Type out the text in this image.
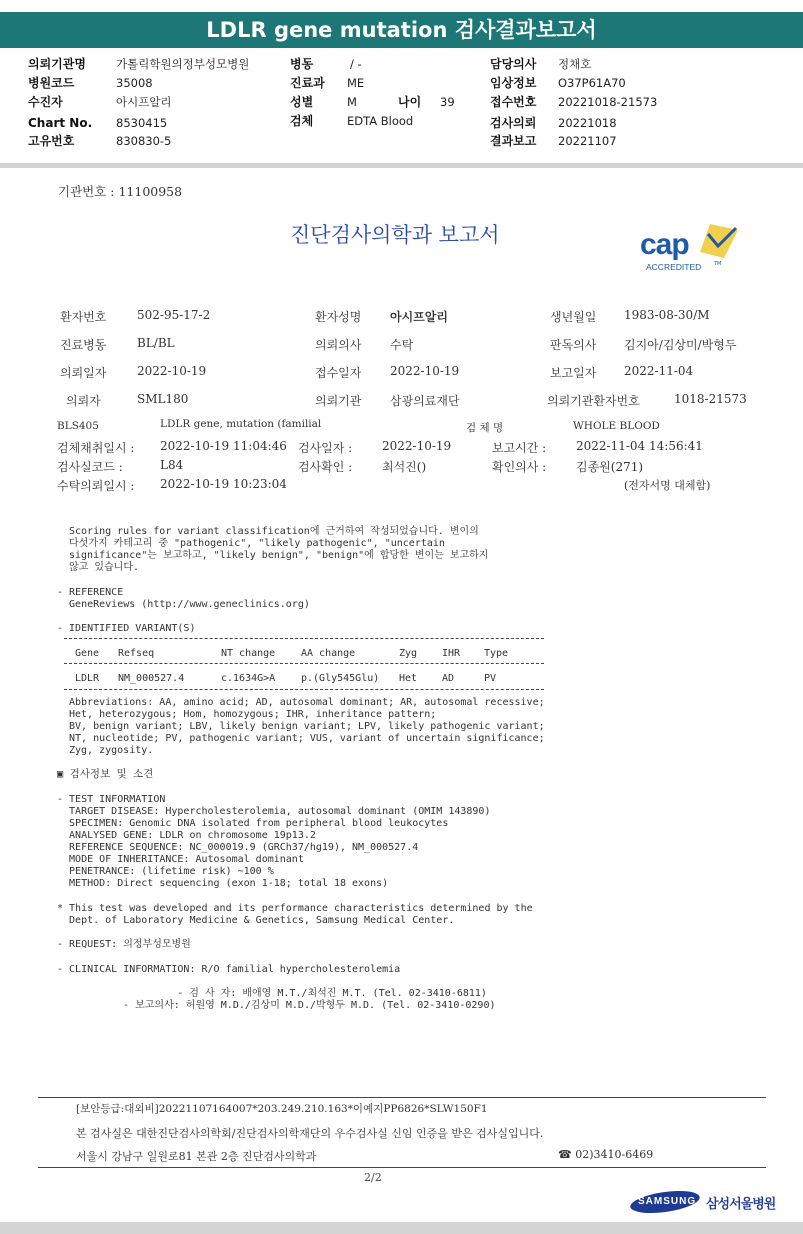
LDLR gene mutation 검사결과보고서
의뢰기관명	가톨릭학원의정부성모병원
병원코드	35008
수진자	아시프알리
Chart No. 8530415
고유번호	830830-5
병동	/ -
진료과 ME
성별	M	나이 39
검체	EDTA Blood
담당의사 정채호
임상정보 O37P61A70
접수번호 20221018-21573
검사의뢰 20221018
결과보고 20221107
기관번호 : 11100958
진단검사의학과 보고서	cap
ACCREDITED	TM
환자번호	502-95-17-2	환자성명 아시프알리	생년월일 1983-08-30/M
진료병동	BL/BL	의뢰의사 수탁	판독의사 김지아/김상미/박형두
의뢰일자	2022-10-19	접수일자 2022-10-19	보고일자 2022-11-04
의뢰자	SML180	의뢰기관 삼광의료재단	의뢰기관환자번호	1018-21573
BLS405	LDLR gene, mutation (familial	검 체 명	WHOLE BLOOD
검체채취일시 : 2022-10-19 11:04:46 검사일자 : 2022-10-19	보고시간 : 2022-11-04 14:56:41
검사실코드 :	L84	검사확인 : 최석진()	확인의사 : 김종원(271)
수탁의뢰일시 : 2022-10-19 10:23:04	(전자서명 대체함)
Scoring rules for variant classification에 근거하여 작성되었습니다. 변이의
다섯가지 카테고리 중 "pathogenic", "likely pathogenic", "uncertain
significance"는 보고하고, "likely benign", "benign"에 합당한 변이는 보고하지
않고 있습니다.
- REFERENCE
GeneReviews (http://www.geneclinics.org)
- IDENTIFIED VARIANT(S)
Gene Refseq	NT change	AA change	Zyg IHR Type
LDLR NM_000527.4	c.1634G>A	p.(Gly545Glu) Het AD	PV
Abbreviations: AA, amino acid; AD, autosomal dominant; AR, autosomal recessive;
Het, heterozygous; Hom, homozygous; IHR, inheritance pattern;
BV, benign variant; LBV, likely benign variant; LPV, likely pathogenic variant;
NT, nucleotide; PV, pathogenic variant; VUS, variant of uncertain significance;
Zyg, zygosity.
▣ 검사정보 및 소견
- TEST INFORMATION
TARGET DISEASE: Hypercholesterolemia, autosomal dominant (OMIM 143890)
SPECIMEN: Genomic DNA isolated from peripheral blood leukocytes
ANALYSED GENE: LDLR on chromosome 19p13.2
REFERENCE SEQUENCE: NC_000019.9 (GRCh37/hg19), NM_000527.4
MODE OF INHERITANCE: Autosomal dominant
PENETRANCE: (lifetime risk) ~100 %
METHOD: Direct sequencing (exon 1-18; total 18 exons)
* This test was developed and its performance characteristics determined by the
Dept. of Laboratory Medicine & Genetics, Samsung Medical Center.
- REQUEST: 의정부성모병원
- CLINICAL INFORMATION: R/O familial hypercholesterolemia
- 검 사 자: 배애영 M.T./최석진 M.T. (Tel. 02-3410-6811)
- 보고의사: 허원영 M.D./김상미 M.D./박형두 M.D. (Tel. 02-3410-0290)
[보안등급:대외비]20221107164007*203.249.210.163*이예지PP6826*SLW150F1
본 검사실은 대한진단검사의학회/진단검사의학재단의 우수검사실 신임 인증을 받은 검사실입니다.
서울시 강남구 일원로81 본관 2층 진단검사의학과	☎ 02)3410-6469
2/2
SAMSUNG 삼성서울병원
